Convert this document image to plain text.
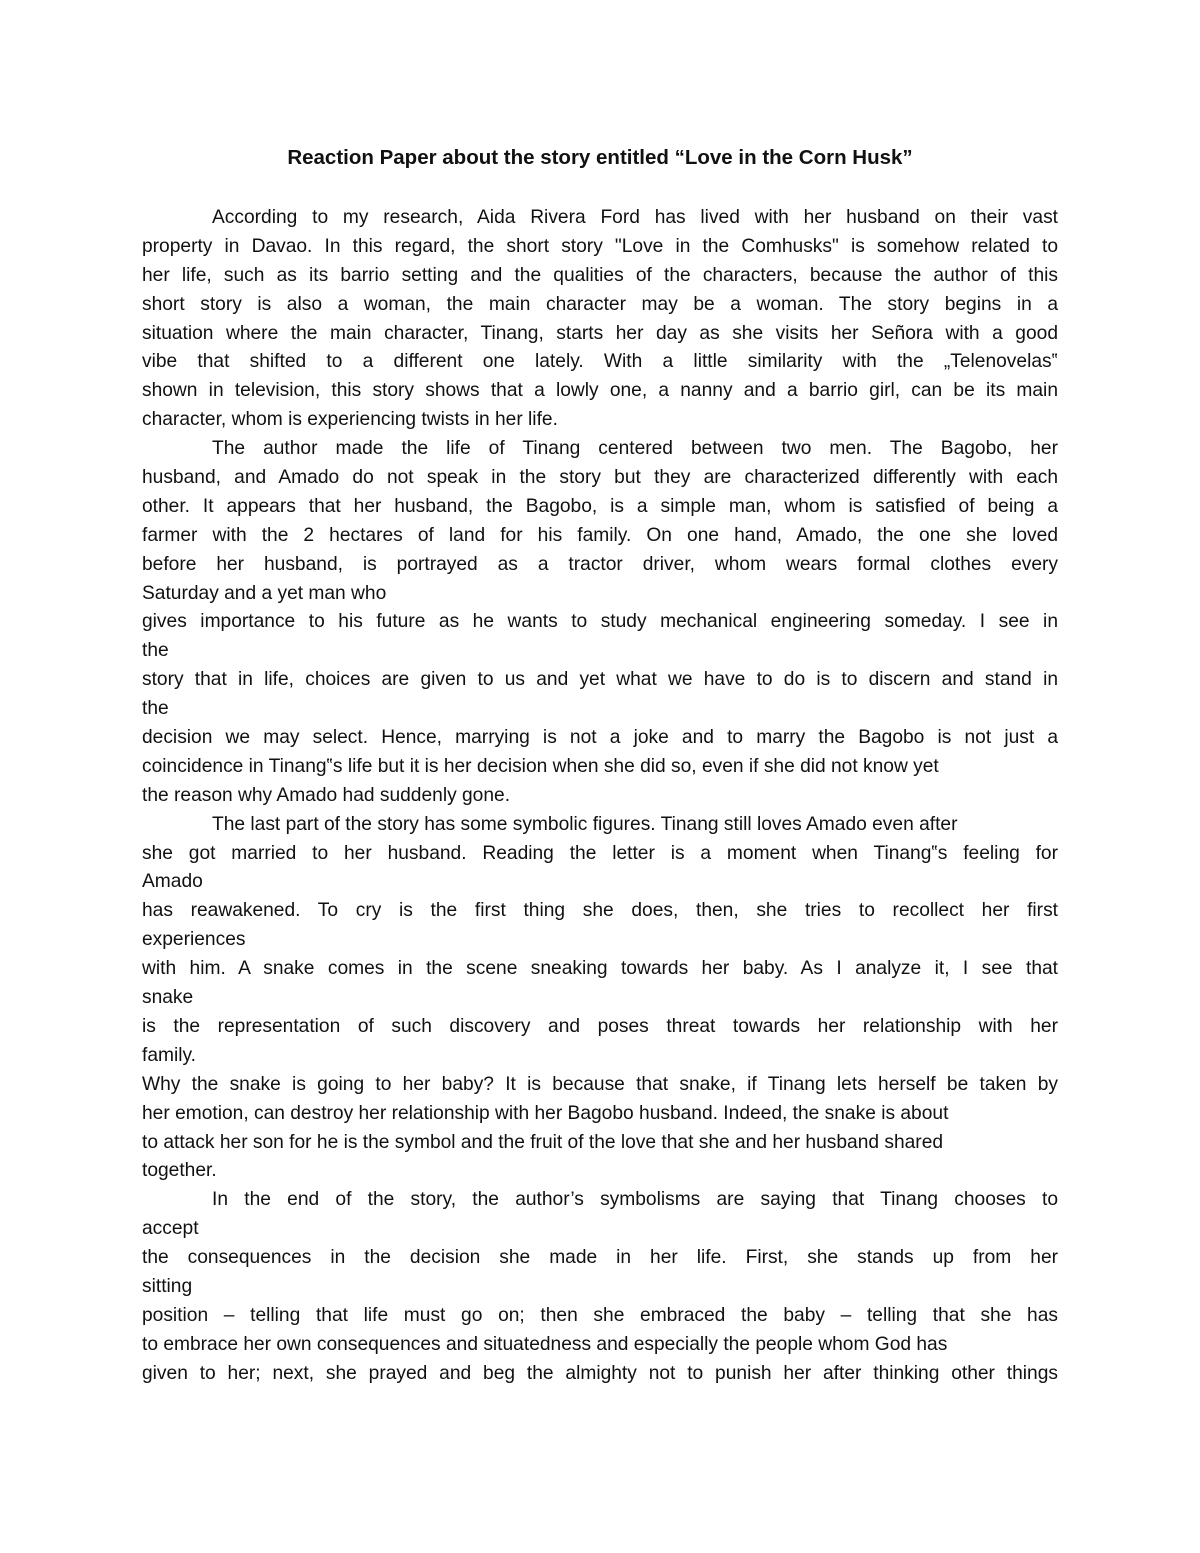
Reaction Paper about the story entitled “Love in the Corn Husk”
According to my research, Aida Rivera Ford has lived with her husband on their vast
property in Davao. In this regard, the short story "Love in the Comhusks" is somehow related to
her life, such as its barrio setting and the qualities of the characters, because the author of this
short story is also a woman, the main character may be a woman. The story begins in a
situation where the main character, Tinang, starts her day as she visits her Señora with a good
vibe that shifted to a different one lately. With a little similarity with the „Telenovelas‟
shown in television, this story shows that a lowly one, a nanny and a barrio girl, can be its main
character, whom is experiencing twists in her life.
The author made the life of Tinang centered between two men. The Bagobo, her
husband, and Amado do not speak in the story but they are characterized differently with each
other. It appears that her husband, the Bagobo, is a simple man, whom is satisfied of being a
farmer with the 2 hectares of land for his family. On one hand, Amado, the one she loved
before her husband, is portrayed as a tractor driver, whom wears formal clothes every
Saturday and a yet man who
gives importance to his future as he wants to study mechanical engineering someday. I see in
the
story that in life, choices are given to us and yet what we have to do is to discern and stand in
the
decision we may select. Hence, marrying is not a joke and to marry the Bagobo is not just a
coincidence in Tinang‟s life but it is her decision when she did so, even if she did not know yet
the reason why Amado had suddenly gone.
The last part of the story has some symbolic figures. Tinang still loves Amado even after
she got married to her husband. Reading the letter is a moment when Tinang‟s feeling for
Amado
has reawakened. To cry is the first thing she does, then, she tries to recollect her first
experiences
with him. A snake comes in the scene sneaking towards her baby. As I analyze it, I see that
snake
is the representation of such discovery and poses threat towards her relationship with her
family.
Why the snake is going to her baby? It is because that snake, if Tinang lets herself be taken by
her emotion, can destroy her relationship with her Bagobo husband. Indeed, the snake is about
to attack her son for he is the symbol and the fruit of the love that she and her husband shared
together.
In the end of the story, the author’s symbolisms are saying that Tinang chooses to
accept
the consequences in the decision she made in her life. First, she stands up from her
sitting
position – telling that life must go on; then she embraced the baby – telling that she has
to embrace her own consequences and situatedness and especially the people whom God has
given to her; next, she prayed and beg the almighty not to punish her after thinking other things
